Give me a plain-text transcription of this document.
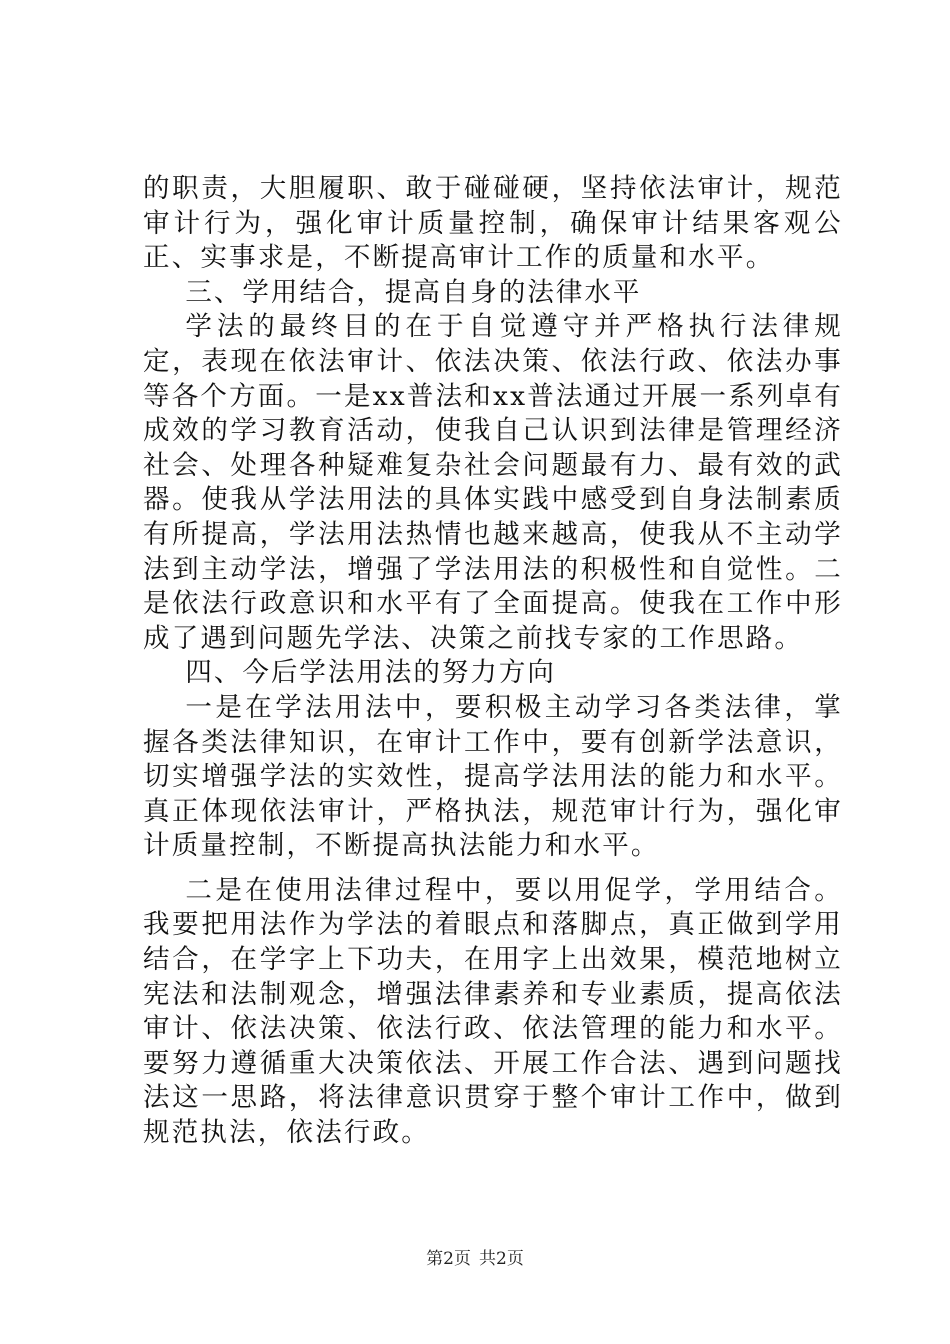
的职责，大胆履职、敢于碰碰硬，坚持依法审计，规范审计行为，强化审计质量控制，确保审计结果客观公正、实事求是，不断提高审计工作的质量和水平。

三、学用结合，提高自身的法律水平

学法的最终目的在于自觉遵守并严格执行法律规定，表现在依法审计、依法决策、依法行政、依法办事等各个方面。一是xx普法和xx普法通过开展一系列卓有成效的学习教育活动，使我自己认识到法律是管理经济社会、处理各种疑难复杂社会问题最有力、最有效的武器。使我从学法用法的具体实践中感受到自身法制素质有所提高，学法用法热情也越来越高，使我从不主动学法到主动学法，增强了学法用法的积极性和自觉性。二是依法行政意识和水平有了全面提高。使我在工作中形成了遇到问题先学法、决策之前找专家的工作思路。

四、今后学法用法的努力方向

一是在学法用法中，要积极主动学习各类法律，掌握各类法律知识，在审计工作中，要有创新学法意识，切实增强学法的实效性，提高学法用法的能力和水平。真正体现依法审计，严格执法，规范审计行为，强化审计质量控制，不断提高执法能力和水平。

二是在使用法律过程中，要以用促学，学用结合。我要把用法作为学法的着眼点和落脚点，真正做到学用结合，在学字上下功夫，在用字上出效果，模范地树立宪法和法制观念，增强法律素养和专业素质，提高依法审计、依法决策、依法行政、依法管理的能力和水平。要努力遵循重大决策依法、开展工作合法、遇到问题找法这一思路，将法律意识贯穿于整个审计工作中，做到规范执法，依法行政。

第2页 共2页
